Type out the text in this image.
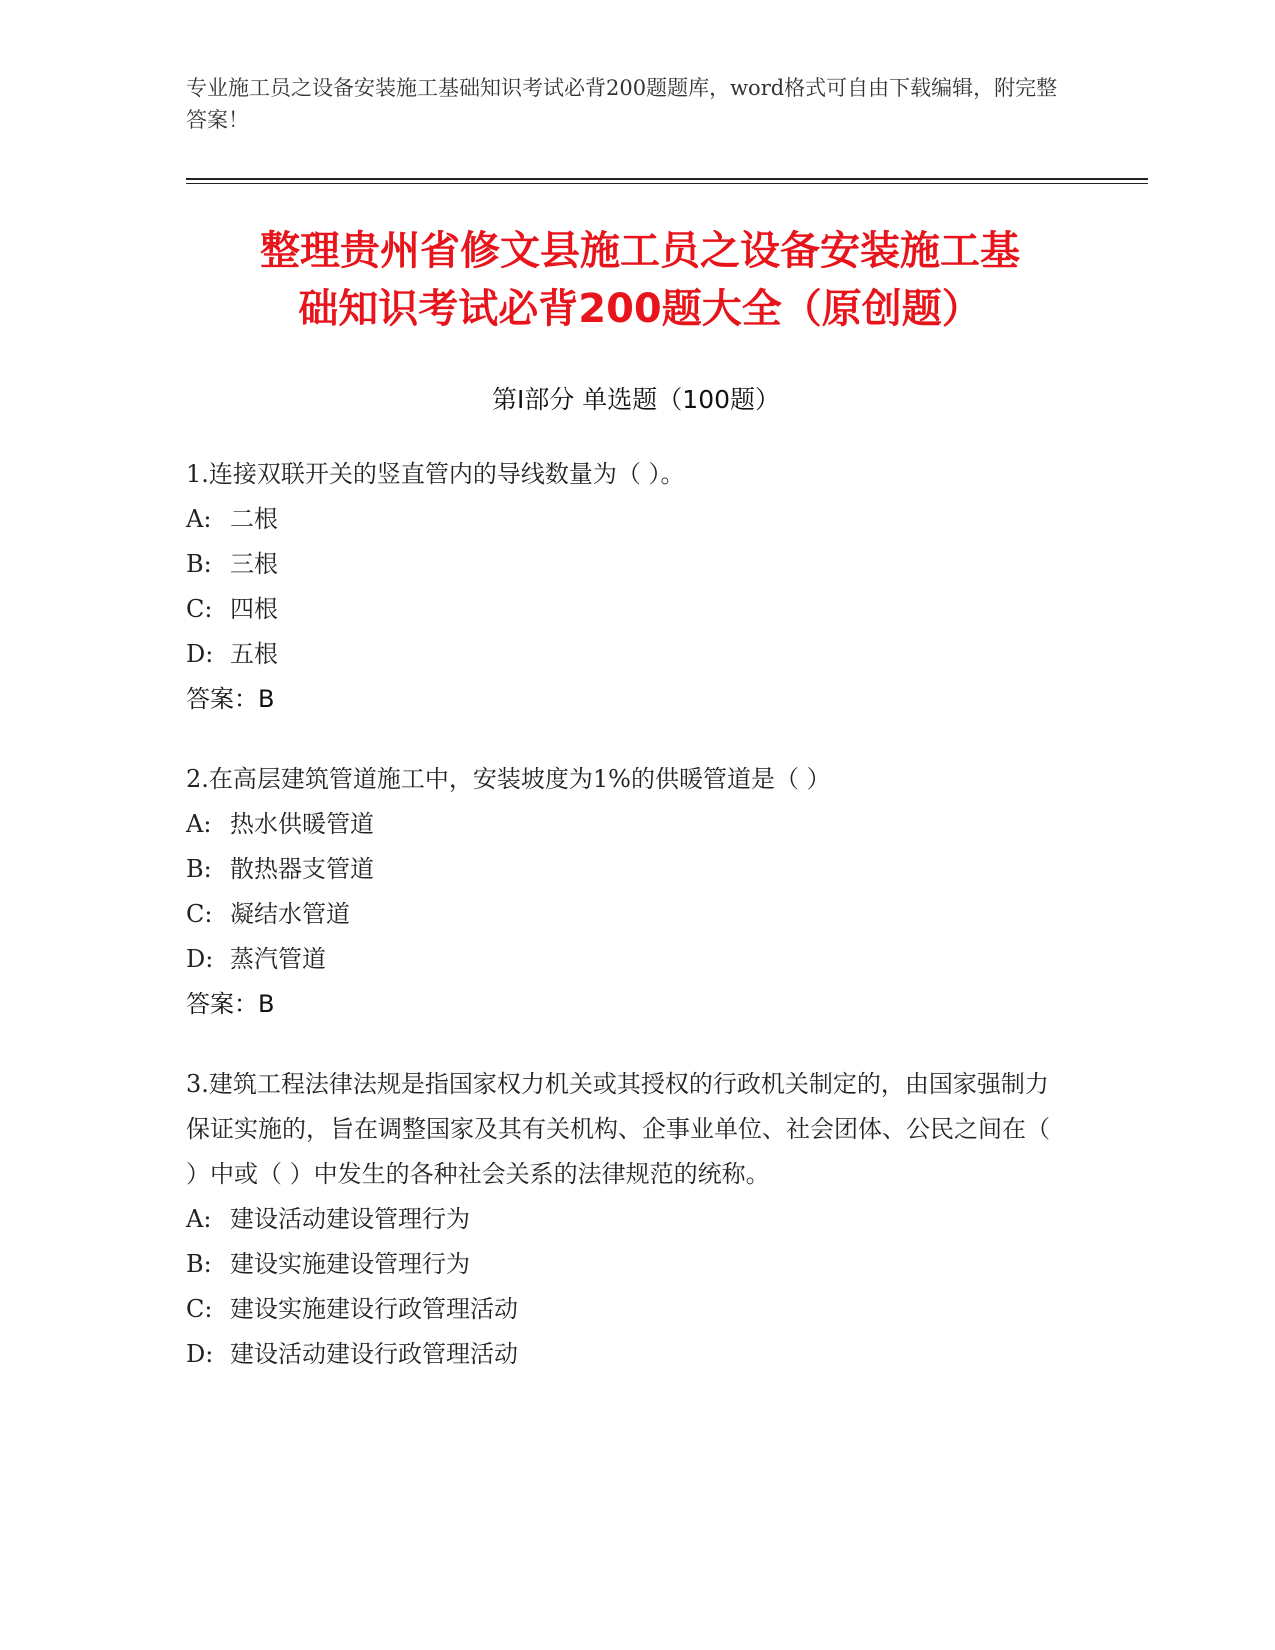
专业施工员之设备安装施工基础知识考试必背200题题库，word格式可自由下载编辑，附完整答案！
整理贵州省修文县施工员之设备安装施工基
础知识考试必背200题大全（原创题）
第Ⅰ部分 单选题（100题）

1.连接双联开关的竖直管内的导线数量为（ ）。

A: 二根

B: 三根

C: 四根

D: 五根

答案：B

2.在高层建筑管道施工中，安装坡度为1%的供暖管道是（ ）

A: 热水供暖管道

B: 散热器支管道

C: 凝结水管道

D: 蒸汽管道

答案：B

3.建筑工程法律法规是指国家权力机关或其授权的行政机关制定的，由国家强制力保证实施的，旨在调整国家及其有关机构、企事业单位、社会团体、公民之间在（ ）中或（ ）中发生的各种社会关系的法律规范的统称。

A: 建设活动建设管理行为

B: 建设实施建设管理行为

C: 建设实施建设行政管理活动

D: 建设活动建设行政管理活动
